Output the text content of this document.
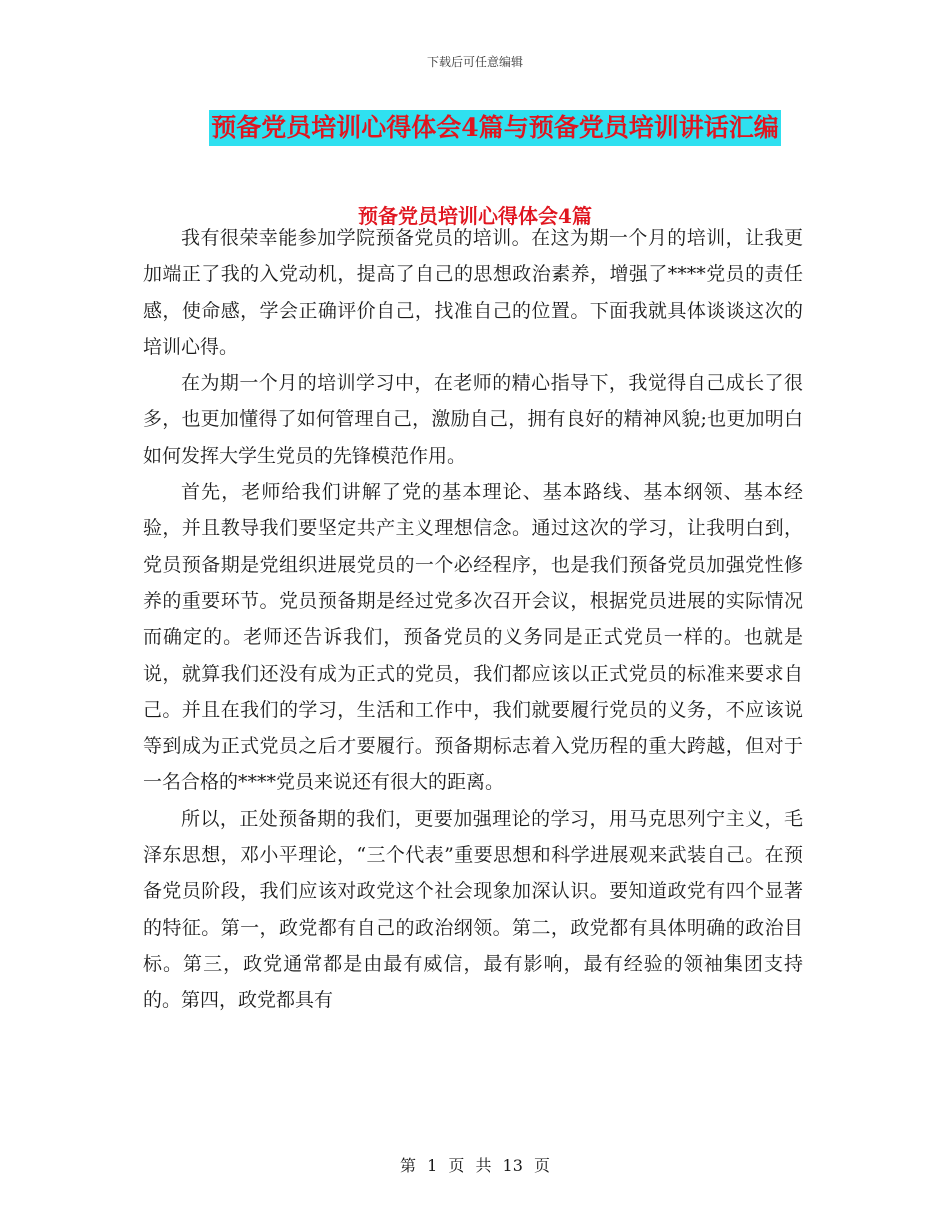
下载后可任意编辑
预备党员培训心得体会4篇与预备党员培训讲话汇编
预备党员培训心得体会4篇

我有很荣幸能参加学院预备党员的培训。在这为期一个月的培训，让我更加端正了我的入党动机，提高了自己的思想政治素养，增强了****党员的责任感，使命感，学会正确评价自己，找准自己的位置。下面我就具体谈谈这次的培训心得。

在为期一个月的培训学习中，在老师的精心指导下，我觉得自己成长了很多，也更加懂得了如何管理自己，激励自己，拥有良好的精神风貌;也更加明白如何发挥大学生党员的先锋模范作用。

首先，老师给我们讲解了党的基本理论、基本路线、基本纲领、基本经验，并且教导我们要坚定共产主义理想信念。通过这次的学习，让我明白到，党员预备期是党组织进展党员的一个必经程序，也是我们预备党员加强党性修养的重要环节。党员预备期是经过党多次召开会议，根据党员进展的实际情况而确定的。老师还告诉我们，预备党员的义务同是正式党员一样的。也就是说，就算我们还没有成为正式的党员，我们都应该以正式党员的标准来要求自己。并且在我们的学习，生活和工作中，我们就要履行党员的义务，不应该说等到成为正式党员之后才要履行。预备期标志着入党历程的重大跨越，但对于一名合格的****党员来说还有很大的距离。

所以，正处预备期的我们，更要加强理论的学习，用马克思列宁主义，毛泽东思想，邓小平理论，“三个代表”重要思想和科学进展观来武装自己。在预备党员阶段，我们应该对政党这个社会现象加深认识。要知道政党有四个显著的特征。第一，政党都有自己的政治纲领。第二，政党都有具体明确的政治目标。第三，政党通常都是由最有威信，最有影响，最有经验的领袖集团支持的。第四，政党都具有

第 1 页 共 13 页
